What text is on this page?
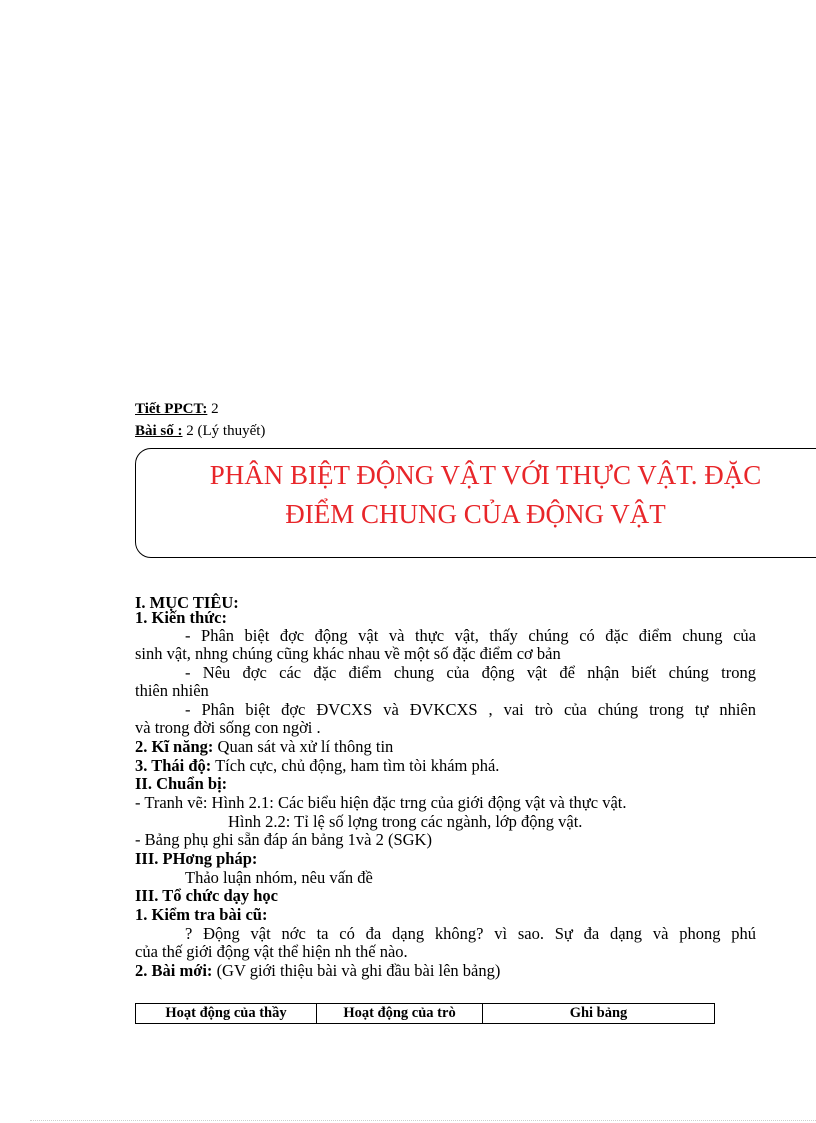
Tiết PPCT: 2
Bài số : 2 (Lý thuyết)
PHÂN BIỆT ĐỘNG VẬT VỚI THỰC VẬT. ĐẶC
ĐIỂM CHUNG CỦA ĐỘNG VẬT
I. MỤC TIÊU:
1. Kiến thức:
- Phân biệt đợc động vật và thực vật, thấy chúng có đặc điểm chung của
sinh vật, nhng chúng cũng khác nhau về một số đặc điểm cơ bản
- Nêu đợc các đặc điểm chung của động vật để nhận biết chúng trong
thiên nhiên
- Phân biệt đợc ĐVCXS và ĐVKCXS , vai trò của chúng trong tự nhiên
và trong đời sống con ngời .
2. Kĩ năng: Quan sát và xử lí thông tin
3. Thái độ: Tích cực, chủ động, ham tìm tòi khám phá.
II. Chuẩn bị:
- Tranh vẽ: Hình 2.1: Các biểu hiện đặc trng của giới động vật và thực vật.
Hình 2.2: Tỉ lệ số lợng trong các ngành, lớp động vật.
- Bảng phụ ghi sẵn đáp án bảng 1và 2 (SGK)
III. PHơng pháp:
Thảo luận nhóm, nêu vấn đề
III. Tổ chức dạy học
1. Kiểm tra bài cũ:
? Động vật nớc ta có đa dạng không? vì sao. Sự đa dạng và phong phú
của thế giới động vật thể hiện nh thế nào.
2. Bài mới: (GV giới thiệu bài và ghi đầu bài lên bảng)
Hoạt động của thầy	Hoạt động của trò	Ghi bảng
